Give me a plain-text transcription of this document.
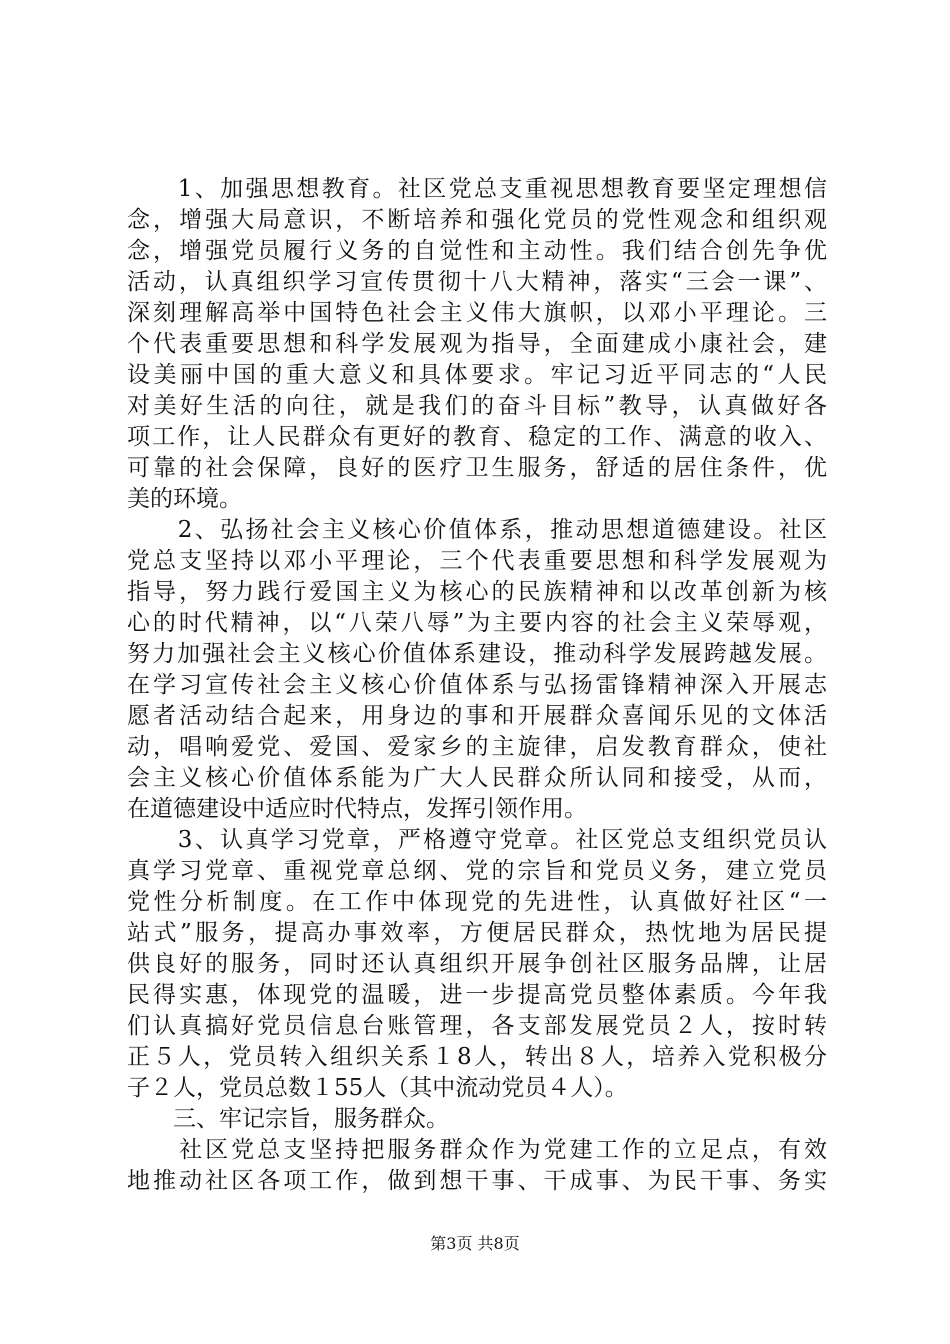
　　1、加强思想教育。社区党总支重视思想教育要坚定理想信
念，增强大局意识，不断培养和强化党员的党性观念和组织观
念，增强党员履行义务的自觉性和主动性。我们结合创先争优
活动，认真组织学习宣传贯彻十八大精神，落实“三会一课”、
深刻理解高举中国特色社会主义伟大旗帜，以邓小平理论。三
个代表重要思想和科学发展观为指导，全面建成小康社会，建
设美丽中国的重大意义和具体要求。牢记习近平同志的“人民
对美好生活的向往，就是我们的奋斗目标”教导，认真做好各
项工作，让人民群众有更好的教育、稳定的工作、满意的收入、
可靠的社会保障，良好的医疗卫生服务，舒适的居住条件，优
美的环境。
　　2、弘扬社会主义核心价值体系，推动思想道德建设。社区
党总支坚持以邓小平理论，三个代表重要思想和科学发展观为
指导，努力践行爱国主义为核心的民族精神和以改革创新为核
心的时代精神，以“八荣八辱”为主要内容的社会主义荣辱观，
努力加强社会主义核心价值体系建设，推动科学发展跨越发展。
在学习宣传社会主义核心价值体系与弘扬雷锋精神深入开展志
愿者活动结合起来，用身边的事和开展群众喜闻乐见的文体活
动，唱响爱党、爱国、爱家乡的主旋律，启发教育群众，使社
会主义核心价值体系能为广大人民群众所认同和接受，从而，
在道德建设中适应时代特点，发挥引领作用。
　　3、认真学习党章，严格遵守党章。社区党总支组织党员认
真学习党章、重视党章总纲、党的宗旨和党员义务，建立党员
党性分析制度。在工作中体现党的先进性，认真做好社区“一
站式”服务，提高办事效率，方便居民群众，热忱地为居民提
供良好的服务，同时还认真组织开展争创社区服务品牌，让居
民得实惠，体现党的温暖，进一步提高党员整体素质。今年我
们认真搞好党员信息台账管理，各支部发展党员２人，按时转
正５人，党员转入组织关系１8人，转出８人，培养入党积极分
子２人，党员总数１55人（其中流动党员４人）。
　　三、牢记宗旨，服务群众。
　　社区党总支坚持把服务群众作为党建工作的立足点，有效
地推动社区各项工作，做到想干事、干成事、为民干事、务实
第3页 共8页
